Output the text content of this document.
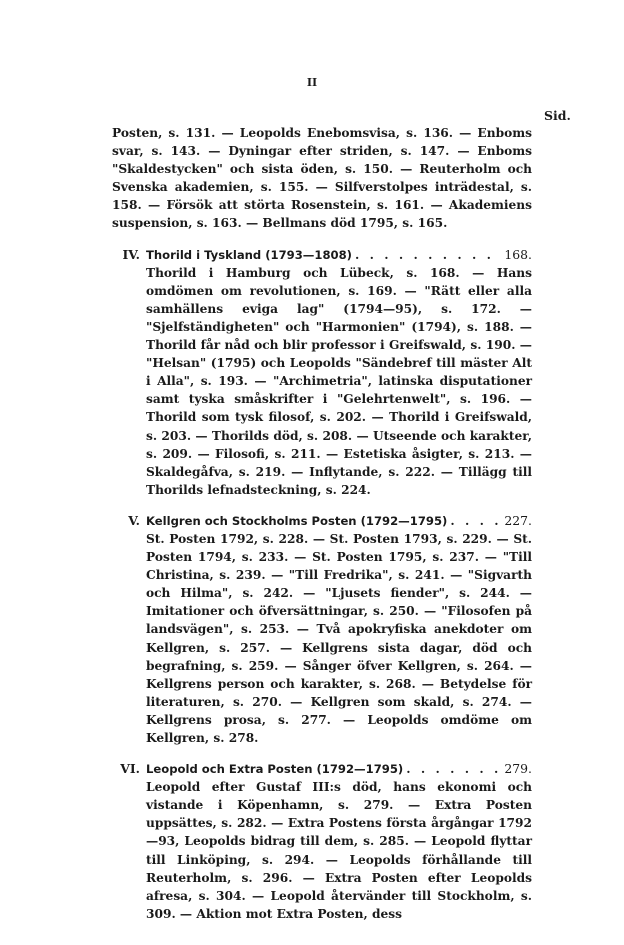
II
Sid.

Posten, s. 131. — Leopolds Enebomsvisa, s. 136. — Enboms svar, s. 143. — Dyningar efter striden, s. 147. — Enboms "Skaldestycken" och sista öden, s. 150. — Reuterholm och Svenska akademien, s. 155. — Silfverstolpes inträdestal, s. 158. — Försök att störta Rosenstein, s. 161. — Akademiens suspension, s. 163. — Bellmans död 1795, s. 165.

IV. Thorild i Tyskland (1793—1808) . . .	168.

Thorild i Hamburg och Lübeck, s. 168. — Hans omdömen om revolutionen, s. 169. — "Rätt eller alla samhällens eviga lag" (1794—95), s. 172. — "Sjelfständigheten" och "Harmonien" (1794), s. 188. — Thorild får nåd och blir professor i Greifswald, s. 190. — "Helsan" (1795) och Leopolds "Sändebref till mäster Alt i Alla", s. 193. — "Archimetria", latinska disputationer samt tyska småskrifter i "Gelehrtenwelt", s. 196. — Thorild som tysk filosof, s. 202. — Thorild i Greifswald, s. 203. — Thorilds död, s. 208. — Utseende och karakter, s. 209. — Filosofi, s. 211. — Estetiska åsigter, s. 213. — Skaldegåfva, s. 219. — Inflytande, s. 222. — Tillägg till Thorilds lefnadsteckning, s. 224.

V. Kellgren och Stockholms Posten (1792—1795) . . .	227.

St. Posten 1792, s. 228. — St. Posten 1793, s. 229. — St. Posten 1794, s. 233. — St. Posten 1795, s. 237. — "Till Christina, s. 239. — "Till Fredrika", s. 241. — "Sigvarth och Hilma", s. 242. — "Ljusets fiender", s. 244. — Imitationer och öfversättningar, s. 250. — "Filosofen på landsvägen", s. 253. — Två apokryfiska anekdoter om Kellgren, s. 257. — Kellgrens sista dagar, död och begrafning, s. 259. — Sånger öfver Kellgren, s. 264. — Kellgrens person och karakter, s. 268. — Betydelse för literaturen, s. 270. — Kellgren som skald, s. 274. — Kellgrens prosa, s. 277. — Leopolds omdöme om Kellgren, s. 278.

VI. Leopold och Extra Posten (1792—1795) . . .	279.

Leopold efter Gustaf III:s död, hans ekonomi och vistande i Köpenhamn, s. 279. — Extra Posten uppsättes, s. 282. — Extra Postens första årgångar 1792—93, Leopolds bidrag till dem, s. 285. — Leopold flyttar till Linköping, s. 294. — Leopolds förhållande till Reuterholm, s. 296. — Extra Posten efter Leopolds afresa, s. 304. — Leopold återvänder till Stockholm, s. 309. — Aktion mot Extra Posten, dess
